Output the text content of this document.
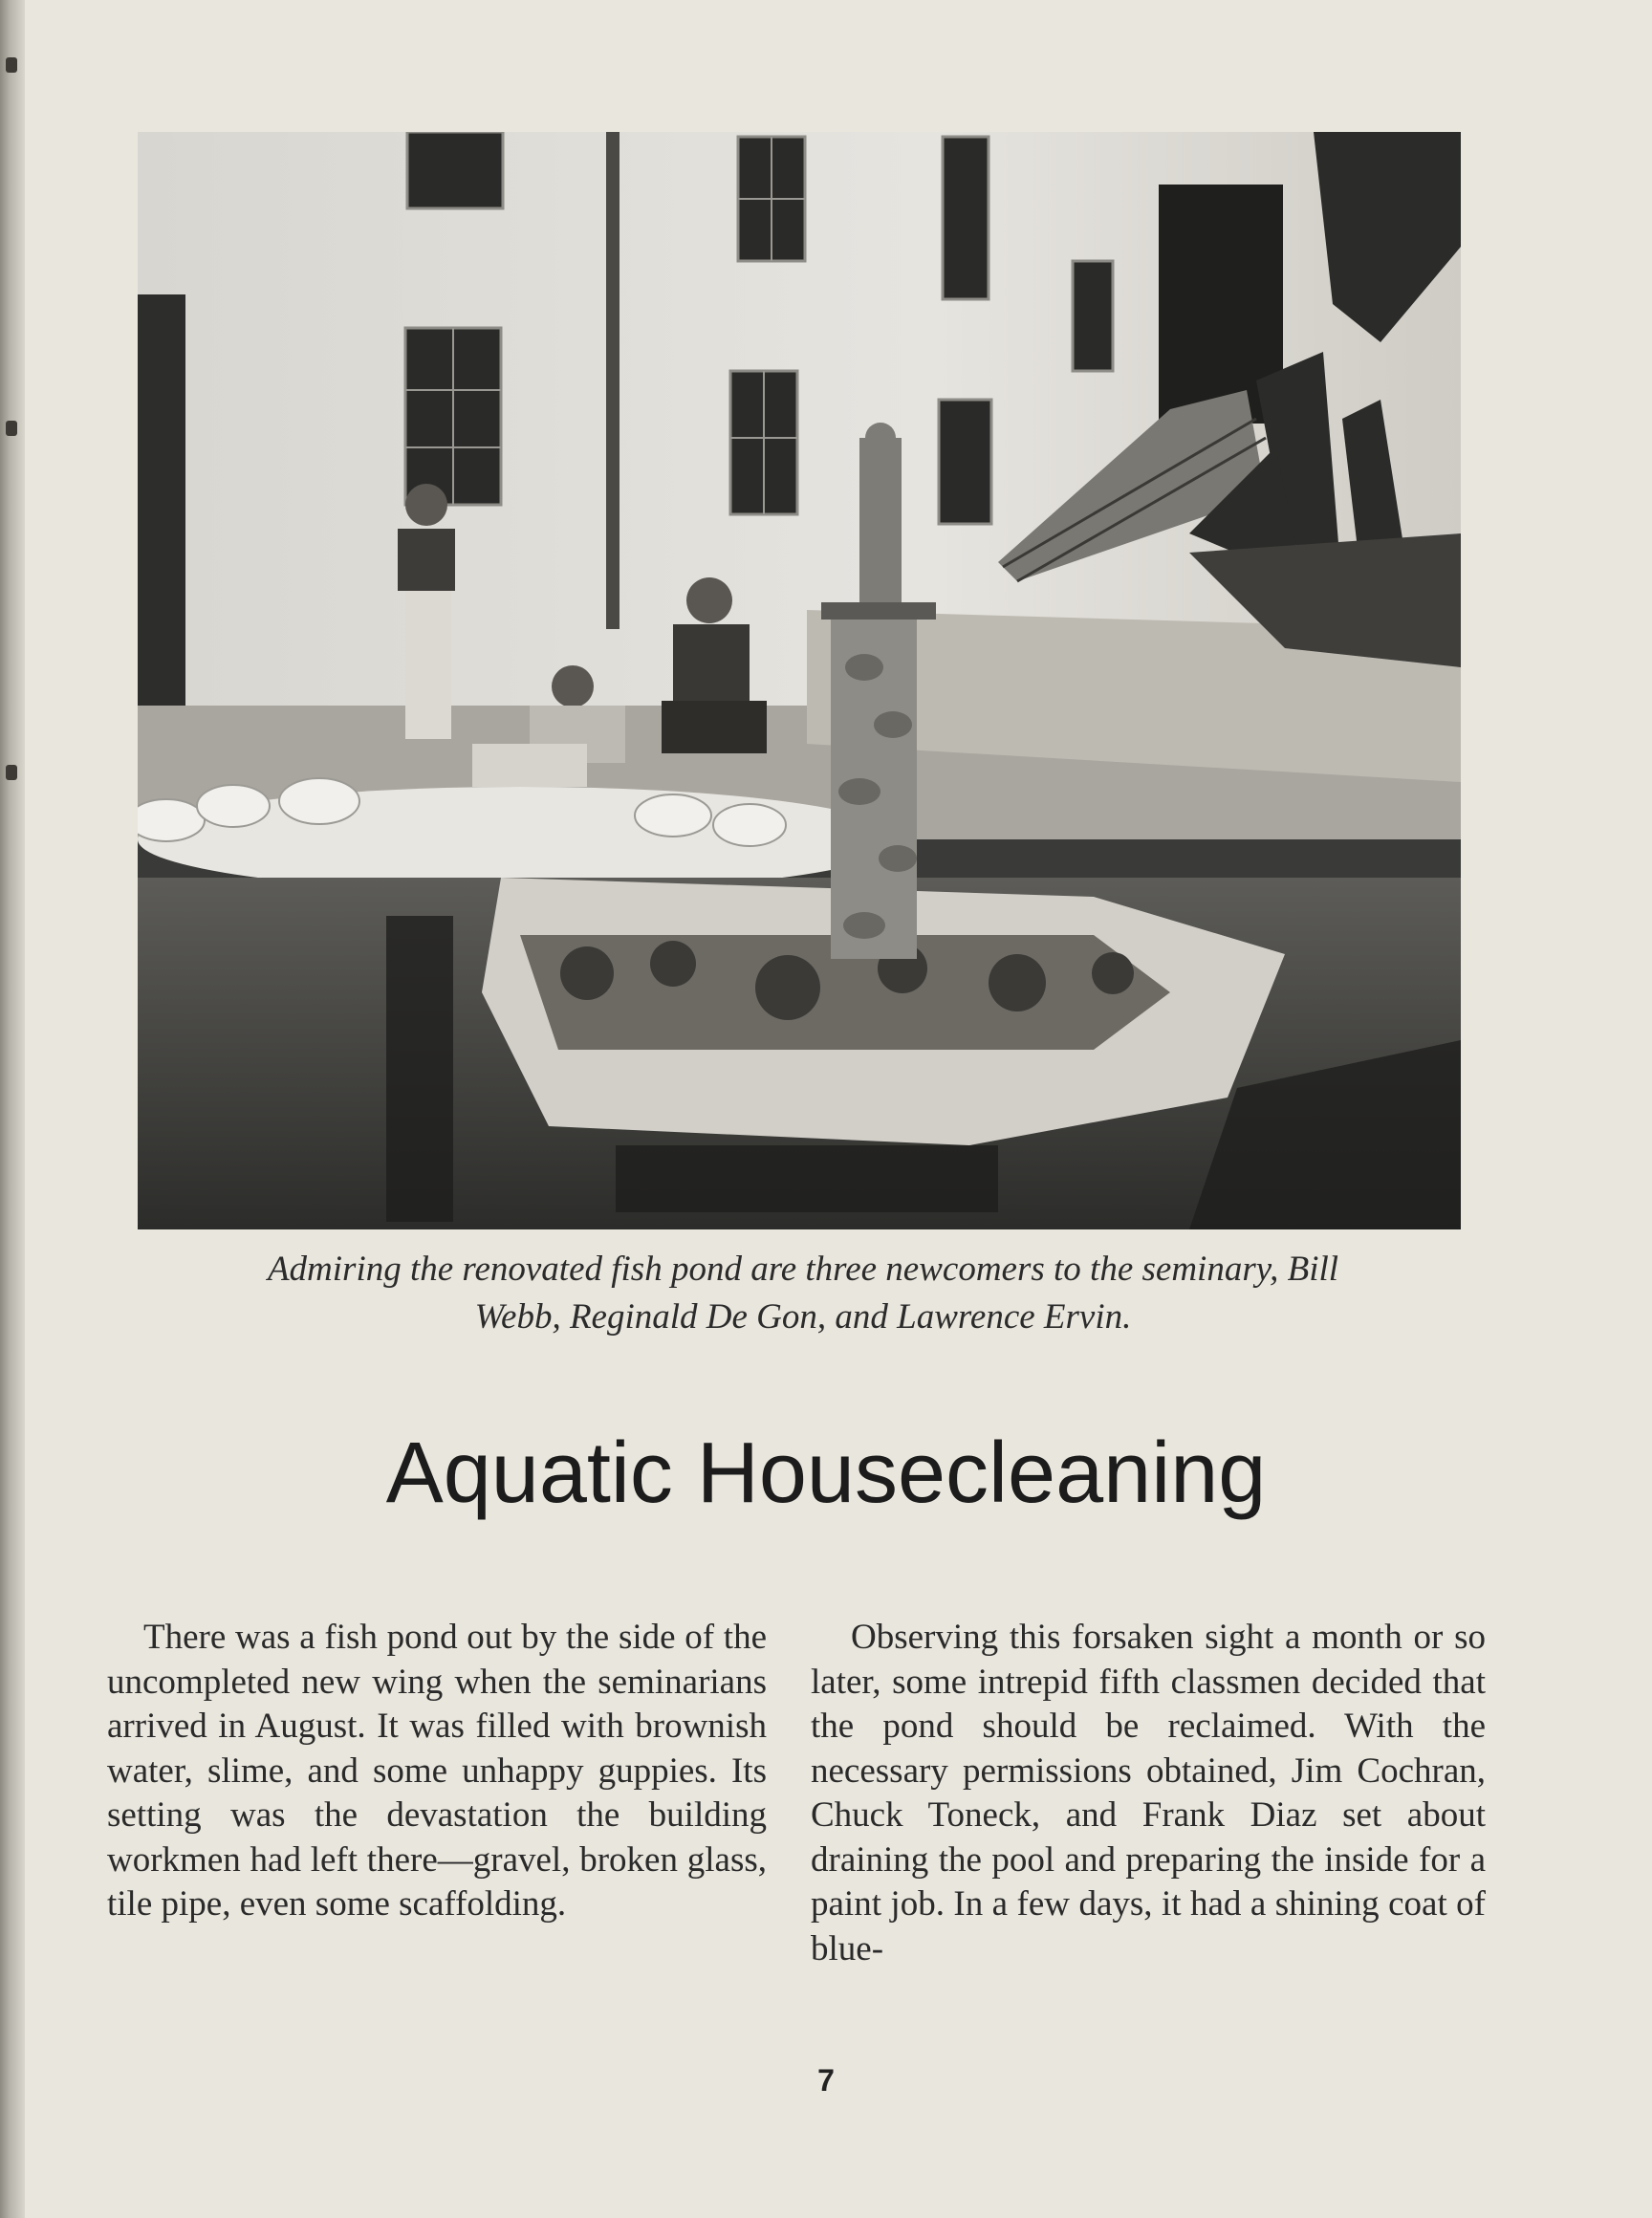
Admiring the renovated fish pond are three newcomers to the seminary, Bill
Webb, Reginald De Gon, and Lawrence Ervin.
Aquatic Housecleaning

There was a fish pond out by the side of the uncompleted new wing when the seminarians arrived in August. It was filled with brownish water, slime, and some unhappy guppies. Its setting was the devastation the building workmen had left there—gravel, broken glass, tile pipe, even some scaffolding.

Observing this forsaken sight a month or so later, some intrepid fifth classmen decided that the pond should be reclaimed. With the necessary permissions obtained, Jim Cochran, Chuck Toneck, and Frank Diaz set about draining the pool and preparing the inside for a paint job. In a few days, it had a shining coat of blue-

7
